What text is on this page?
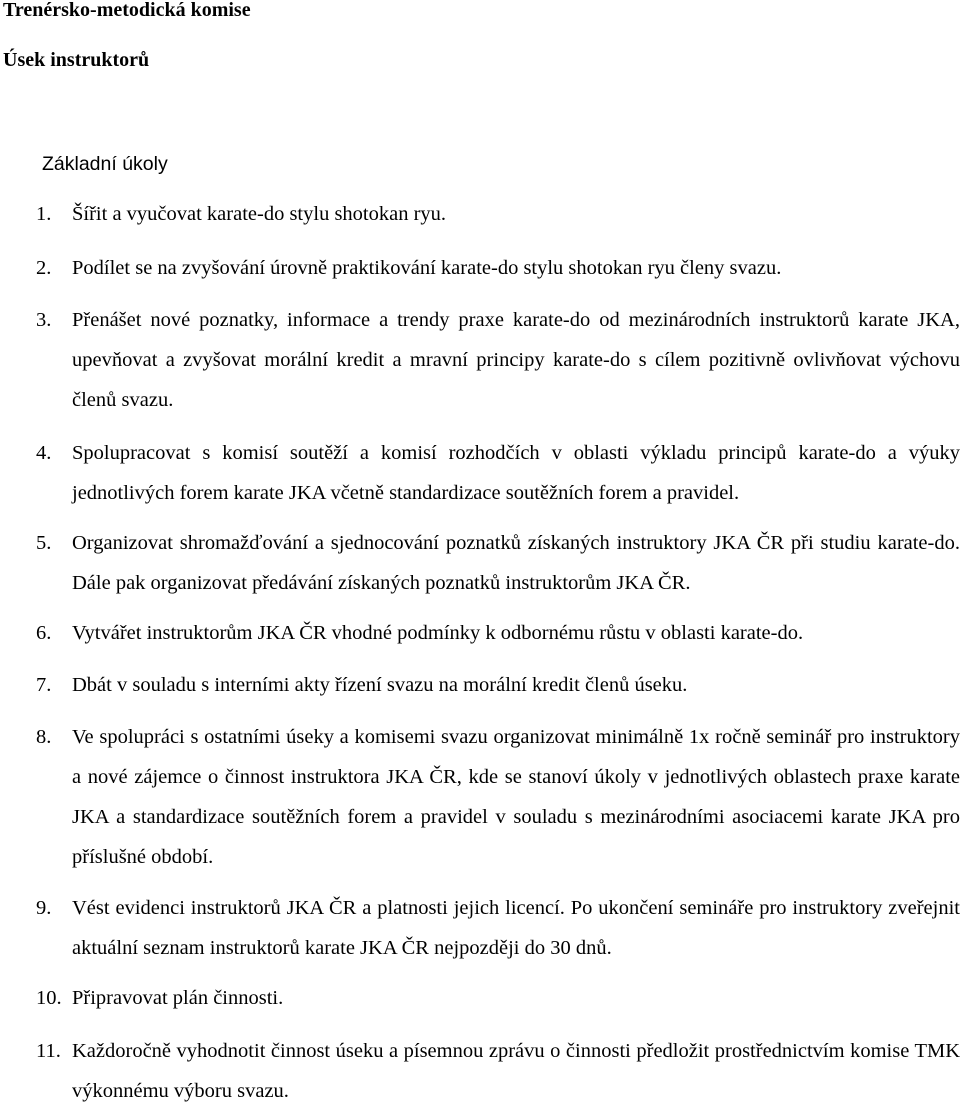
Trenérsko-metodická komise
Úsek instruktorů
Základní úkoly
1. Šířit a vyučovat karate-do stylu shotokan ryu.
2. Podílet se na zvyšování úrovně praktikování karate-do stylu shotokan ryu členy svazu.
3. Přenášet nové poznatky, informace a trendy praxe karate-do od mezinárodních instruktorů karate JKA, upevňovat a zvyšovat morální kredit a mravní principy karate-do s cílem pozitivně ovlivňovat výchovu členů svazu.
4. Spolupracovat s komisí soutěží a komisí rozhodčích v oblasti výkladu principů karate-do a výuky jednotlivých forem karate JKA včetně standardizace soutěžních forem a pravidel.
5. Organizovat shromažďování a sjednocování poznatků získaných instruktory JKA ČR při studiu karate-do. Dále pak organizovat předávání získaných poznatků instruktorům JKA ČR.
6. Vytvářet instruktorům JKA ČR vhodné podmínky k odbornému růstu v oblasti karate-do.
7. Dbát v souladu s interními akty řízení svazu na morální kredit členů úseku.
8. Ve spolupráci s ostatními úseky a komisemi svazu organizovat minimálně 1x ročně seminář pro instruktory a nové zájemce o činnost instruktora JKA ČR, kde se stanoví úkoly v jednotlivých oblastech praxe karate JKA a standardizace soutěžních forem a pravidel v souladu s mezinárodními asociacemi karate JKA pro příslušné období.
9. Vést evidenci instruktorů JKA ČR a platnosti jejich licencí. Po ukončení semináře pro instruktory zveřejnit aktuální seznam instruktorů karate JKA ČR nejpozději do 30 dnů.
10. Připravovat plán činnosti.
11. Každoročně vyhodnotit činnost úseku a písemnou zprávu o činnosti předložit prostřednictvím komise TMK výkonnému výboru svazu.
